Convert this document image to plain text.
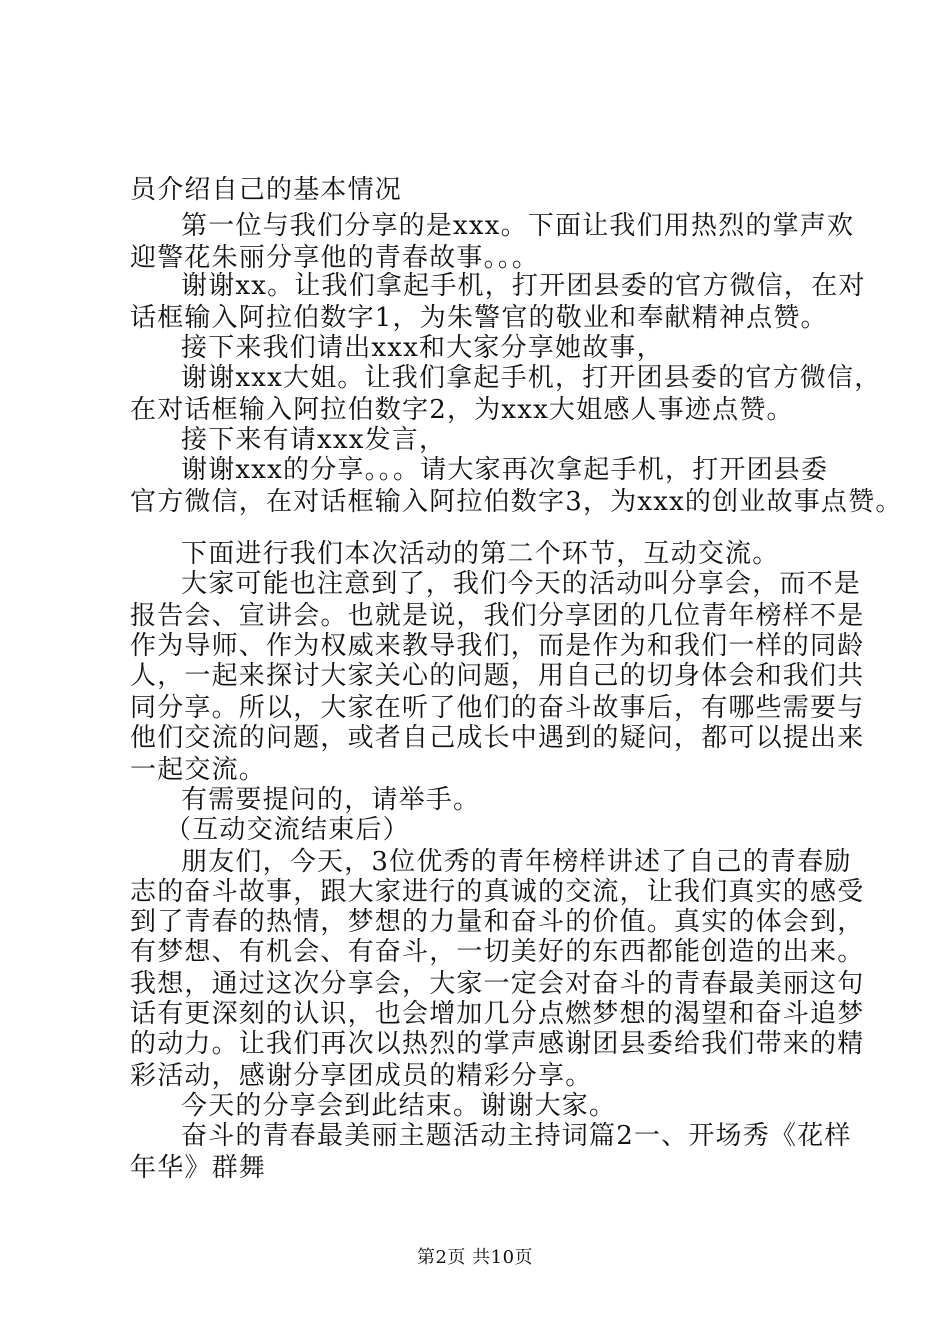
员介绍自己的基本情况
第一位与我们分享的是xxx。下面让我们用热烈的掌声欢
迎警花朱丽分享他的青春故事。。。
谢谢xx。让我们拿起手机，打开团县委的官方微信，在对
话框输入阿拉伯数字1，为朱警官的敬业和奉献精神点赞。
接下来我们请出xxx和大家分享她故事，
谢谢xxx大姐。让我们拿起手机，打开团县委的官方微信，
在对话框输入阿拉伯数字2，为xxx大姐感人事迹点赞。
接下来有请xxx发言，
谢谢xxx的分享。。。请大家再次拿起手机，打开团县委
官方微信，在对话框输入阿拉伯数字3，为xxx的创业故事点赞。
下面进行我们本次活动的第二个环节，互动交流。
大家可能也注意到了，我们今天的活动叫分享会，而不是
报告会、宣讲会。也就是说，我们分享团的几位青年榜样不是
作为导师、作为权威来教导我们，而是作为和我们一样的同龄
人，一起来探讨大家关心的问题，用自己的切身体会和我们共
同分享。所以，大家在听了他们的奋斗故事后，有哪些需要与
他们交流的问题，或者自己成长中遇到的疑问，都可以提出来
一起交流。
有需要提问的，请举手。
（互动交流结束后）
朋友们，今天，3位优秀的青年榜样讲述了自己的青春励
志的奋斗故事，跟大家进行的真诚的交流，让我们真实的感受
到了青春的热情，梦想的力量和奋斗的价值。真实的体会到，
有梦想、有机会、有奋斗，一切美好的东西都能创造的出来。
我想，通过这次分享会，大家一定会对奋斗的青春最美丽这句
话有更深刻的认识，也会增加几分点燃梦想的渴望和奋斗追梦
的动力。让我们再次以热烈的掌声感谢团县委给我们带来的精
彩活动，感谢分享团成员的精彩分享。
今天的分享会到此结束。谢谢大家。
奋斗的青春最美丽主题活动主持词篇2一、开场秀《花样
年华》群舞
第2页 共10页
